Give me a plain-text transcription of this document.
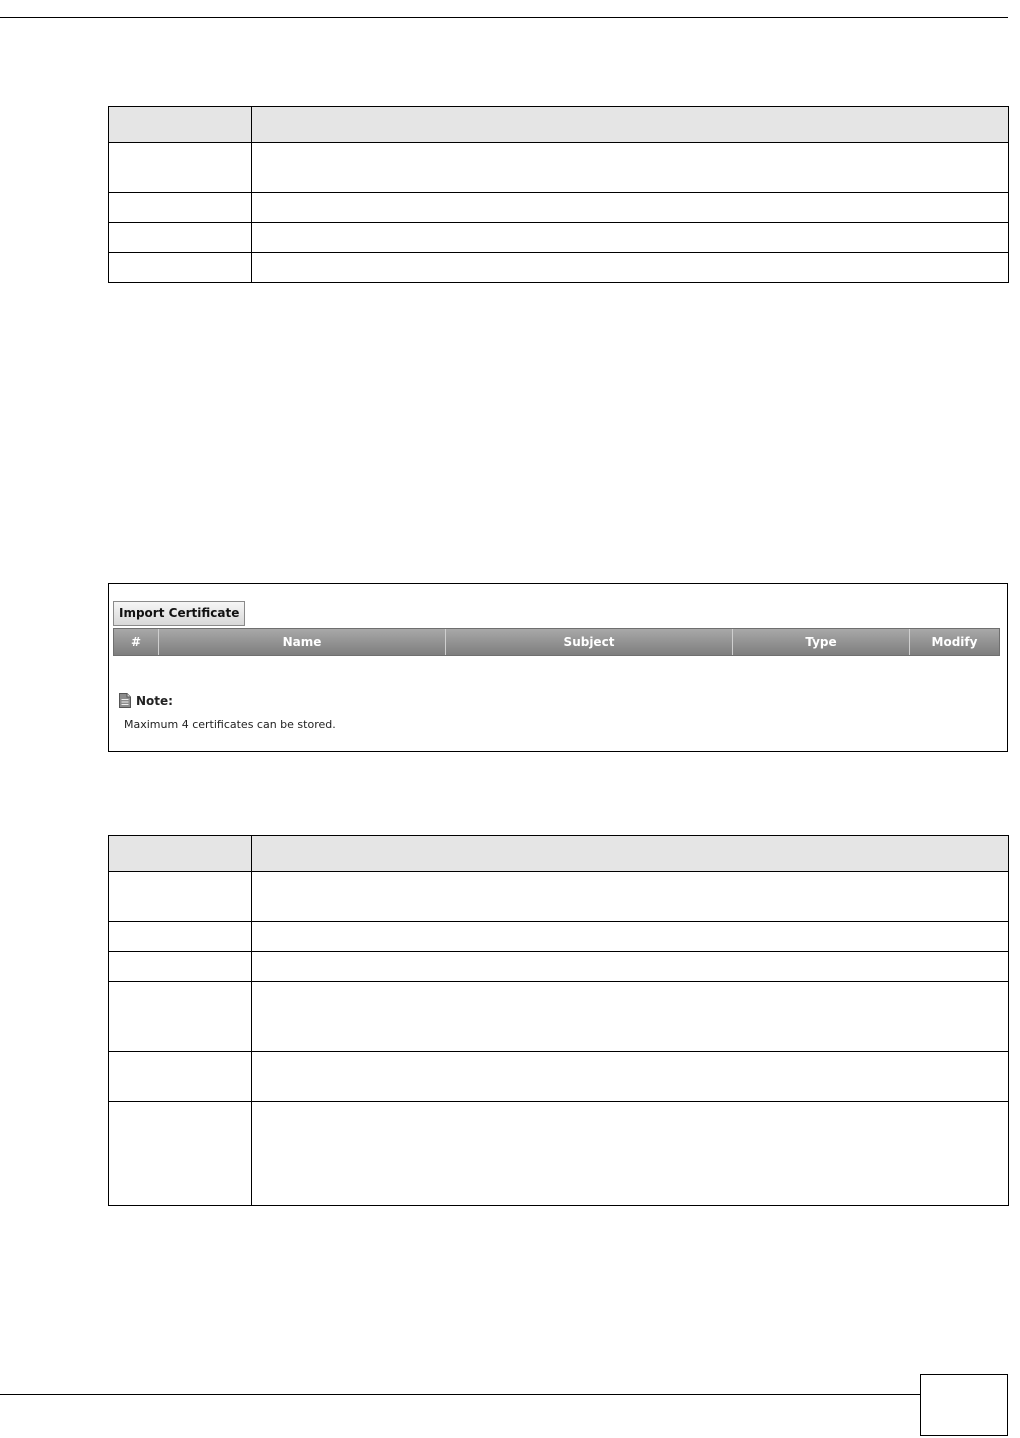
Import Certificate
#	Name	Subject	Type	Modify
Note:
Maximum 4 certificates can be stored.
